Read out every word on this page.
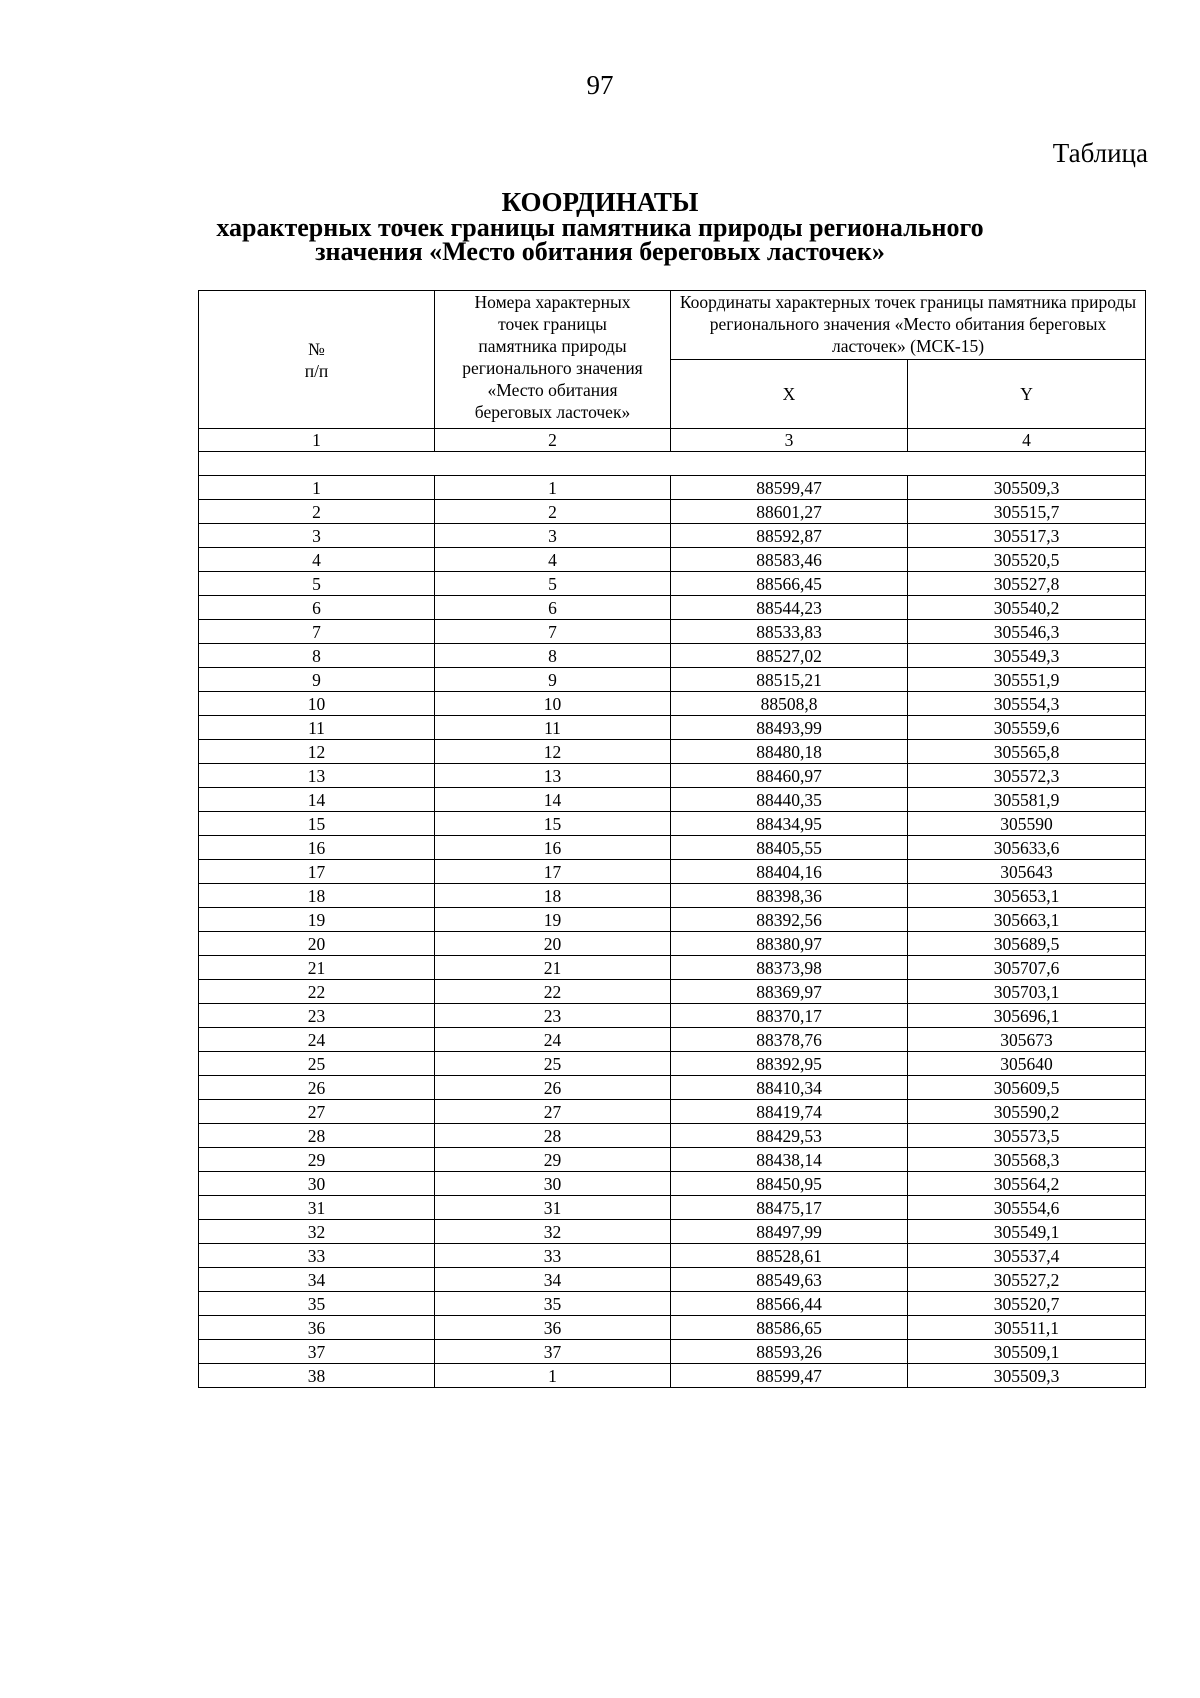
97
Таблица
КООРДИНАТЫ
характерных точек границы памятника природы регионального
значения «Место обитания береговых ласточек»
№
п/п	Номера характерных точек границы памятника природы регионального значения «Место обитания береговых ласточек»	Координаты характерных точек границы памятника природы регионального значения «Место обитания береговых ласточек» (МСК-15)	
		X	Y
1	2	3	4

1	1	88599,47	305509,3
2	2	88601,27	305515,7
3	3	88592,87	305517,3
4	4	88583,46	305520,5
5	5	88566,45	305527,8
6	6	88544,23	305540,2
7	7	88533,83	305546,3
8	8	88527,02	305549,3
9	9	88515,21	305551,9
10	10	88508,8	305554,3
11	11	88493,99	305559,6
12	12	88480,18	305565,8
13	13	88460,97	305572,3
14	14	88440,35	305581,9
15	15	88434,95	305590
16	16	88405,55	305633,6
17	17	88404,16	305643
18	18	88398,36	305653,1
19	19	88392,56	305663,1
20	20	88380,97	305689,5
21	21	88373,98	305707,6
22	22	88369,97	305703,1
23	23	88370,17	305696,1
24	24	88378,76	305673
25	25	88392,95	305640
26	26	88410,34	305609,5
27	27	88419,74	305590,2
28	28	88429,53	305573,5
29	29	88438,14	305568,3
30	30	88450,95	305564,2
31	31	88475,17	305554,6
32	32	88497,99	305549,1
33	33	88528,61	305537,4
34	34	88549,63	305527,2
35	35	88566,44	305520,7
36	36	88586,65	305511,1
37	37	88593,26	305509,1
38	1	88599,47	305509,3
